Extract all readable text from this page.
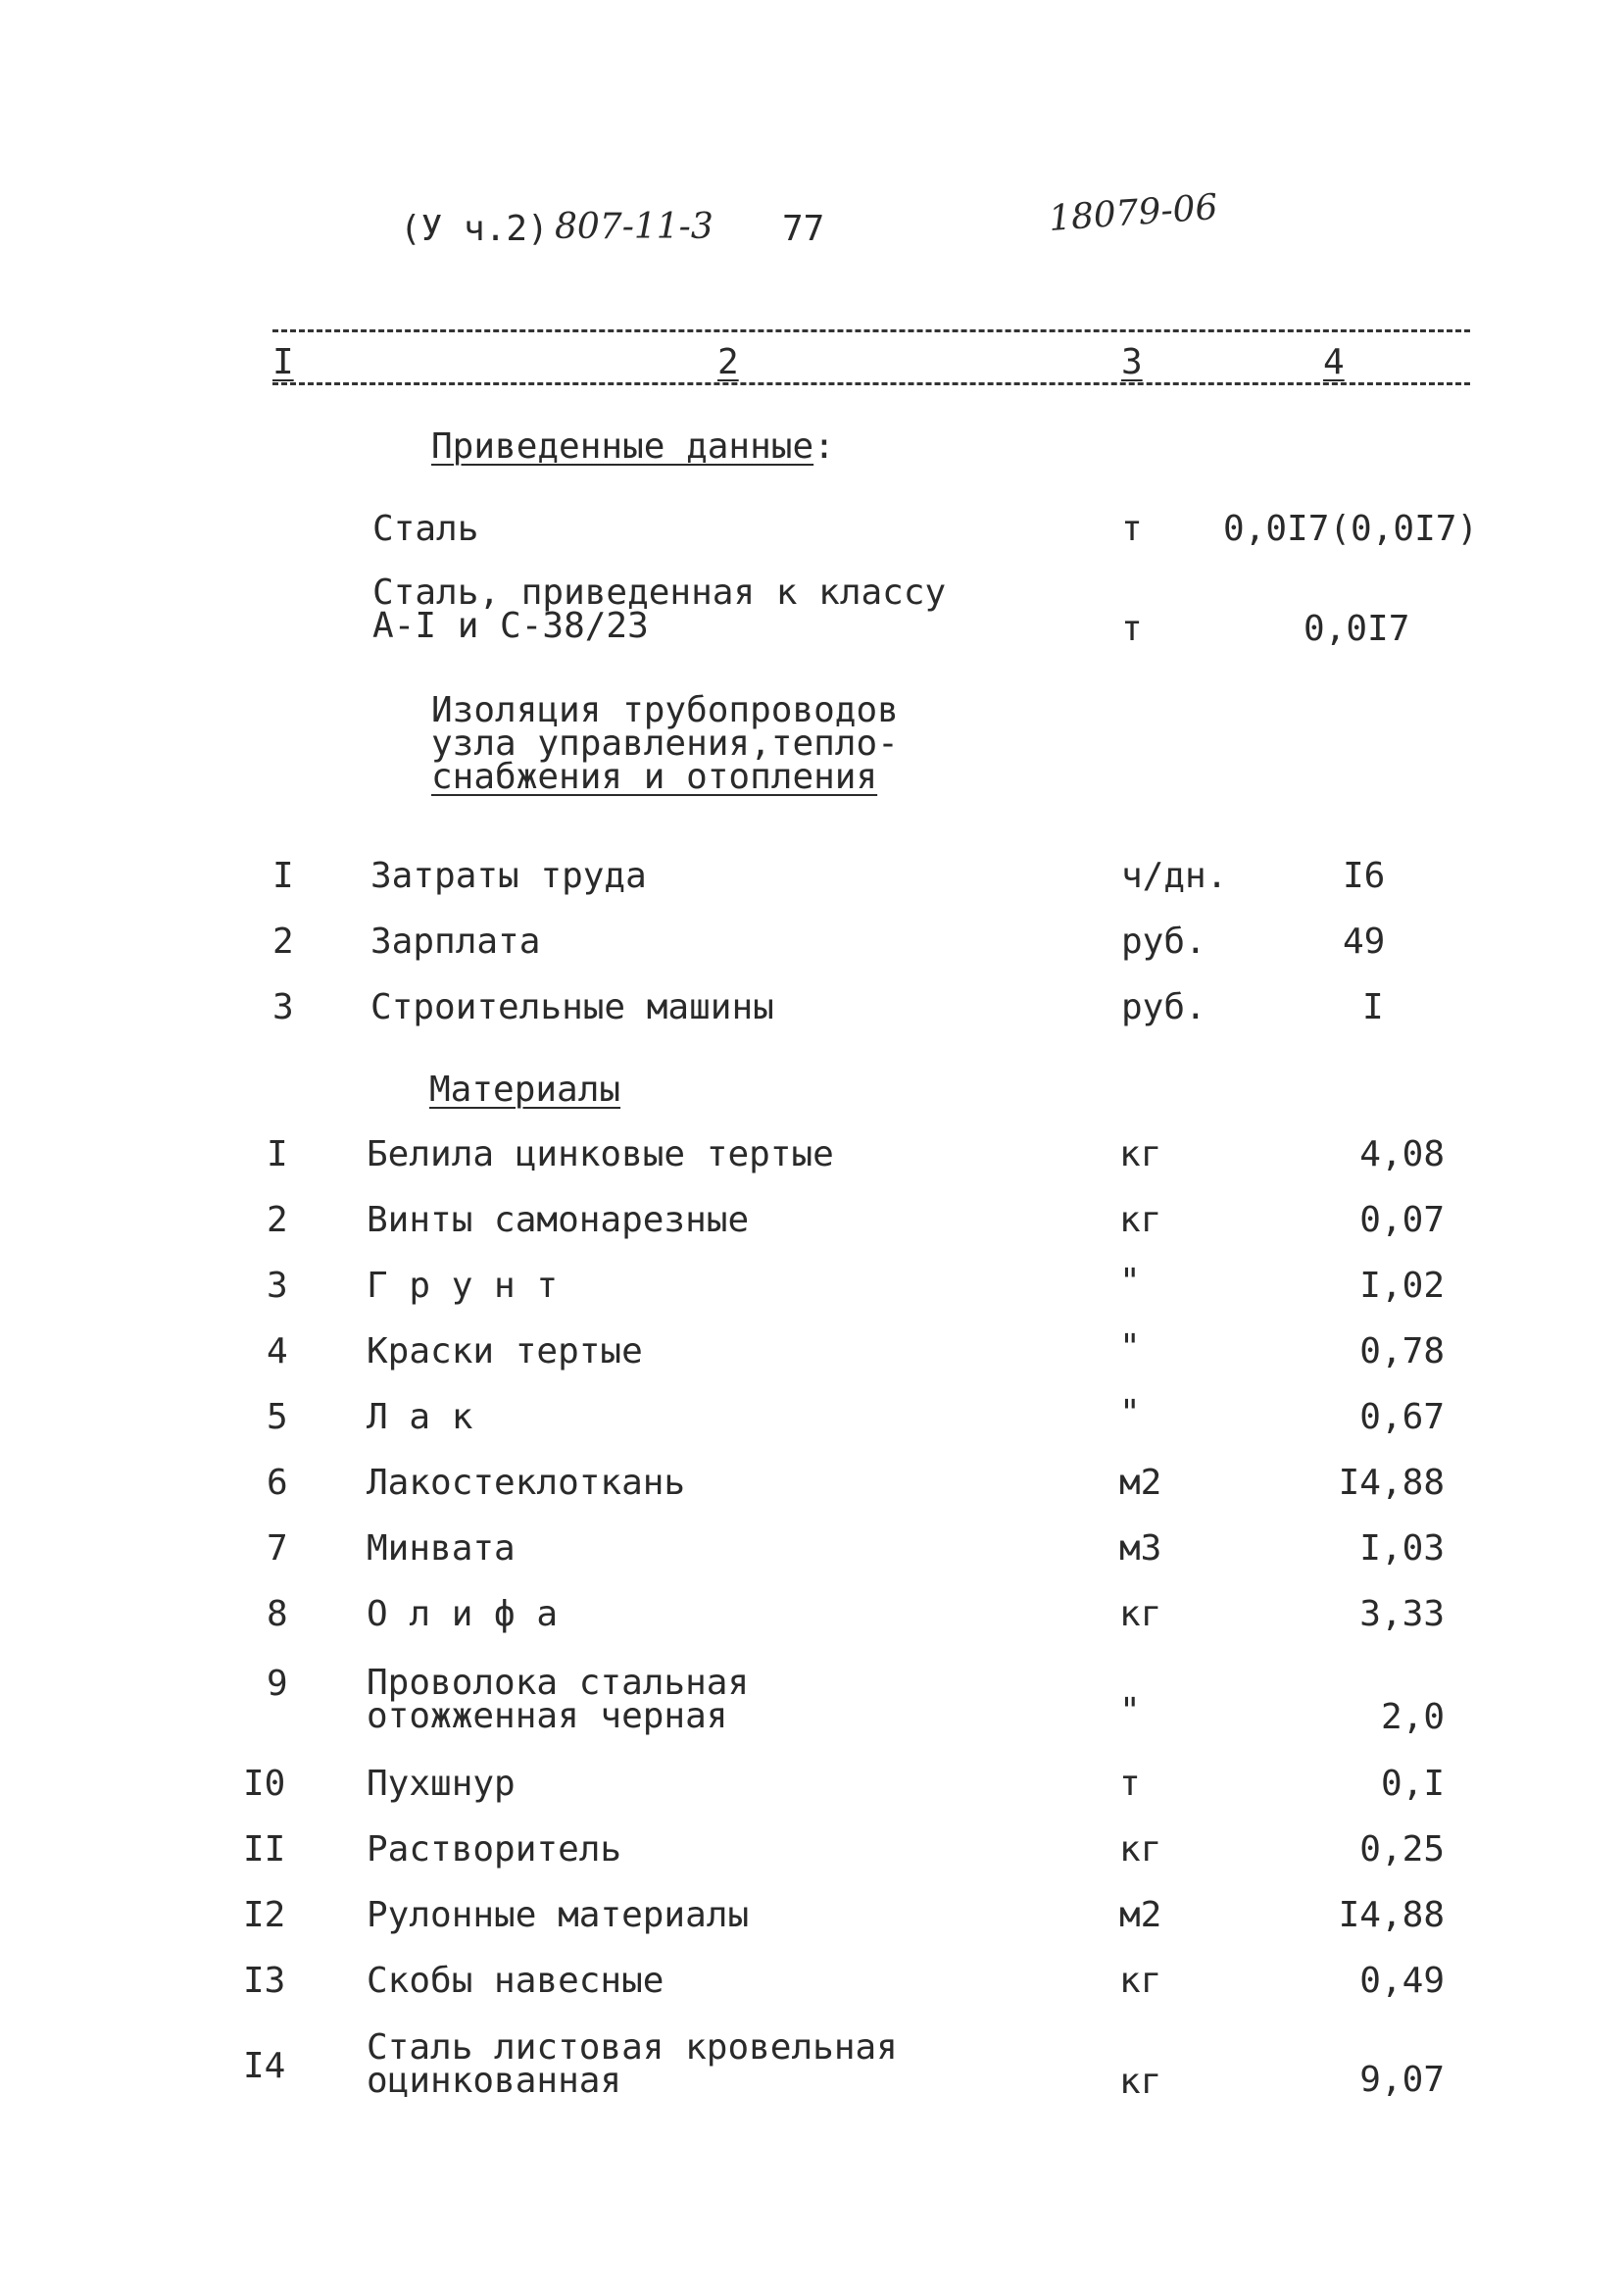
(У ч.2) 807-11-3 77	18079-06
I	2	3	4
Приведенные данные:
Сталь	т 0,0I7(0,0I7)
Сталь, приведенная к классу
А-I и С-38/23	т	0,0I7
Изоляция трубопроводов
узла управления,тепло-
снабжения и отопления
I Затраты труда	ч/дн.	I6
2 Зарплата	руб.	49
3 Строительные машины	руб.	I
Материалы
I Белила цинковые тертые	кг	4,08
2 Винты самонарезные	кг	0,07
3 Г р у н т	"	I,02
4 Краски тертые	"	0,78
5 Л а к	"	0,67
6 Лакостеклоткань	м2	I4,88
7 Минвата	м3	I,03
8 О л и ф а	кг	3,33
9 Проволока стальная
отожженная черная	"	2,0
I0 Пухшнур	т	0,I
II Растворитель	кг	0,25
I2 Рулонные материалы	м2	I4,88
I3 Скобы навесные	кг	0,49
I4 Сталь листовая кровельная
оцинкованная	кг	9,07
